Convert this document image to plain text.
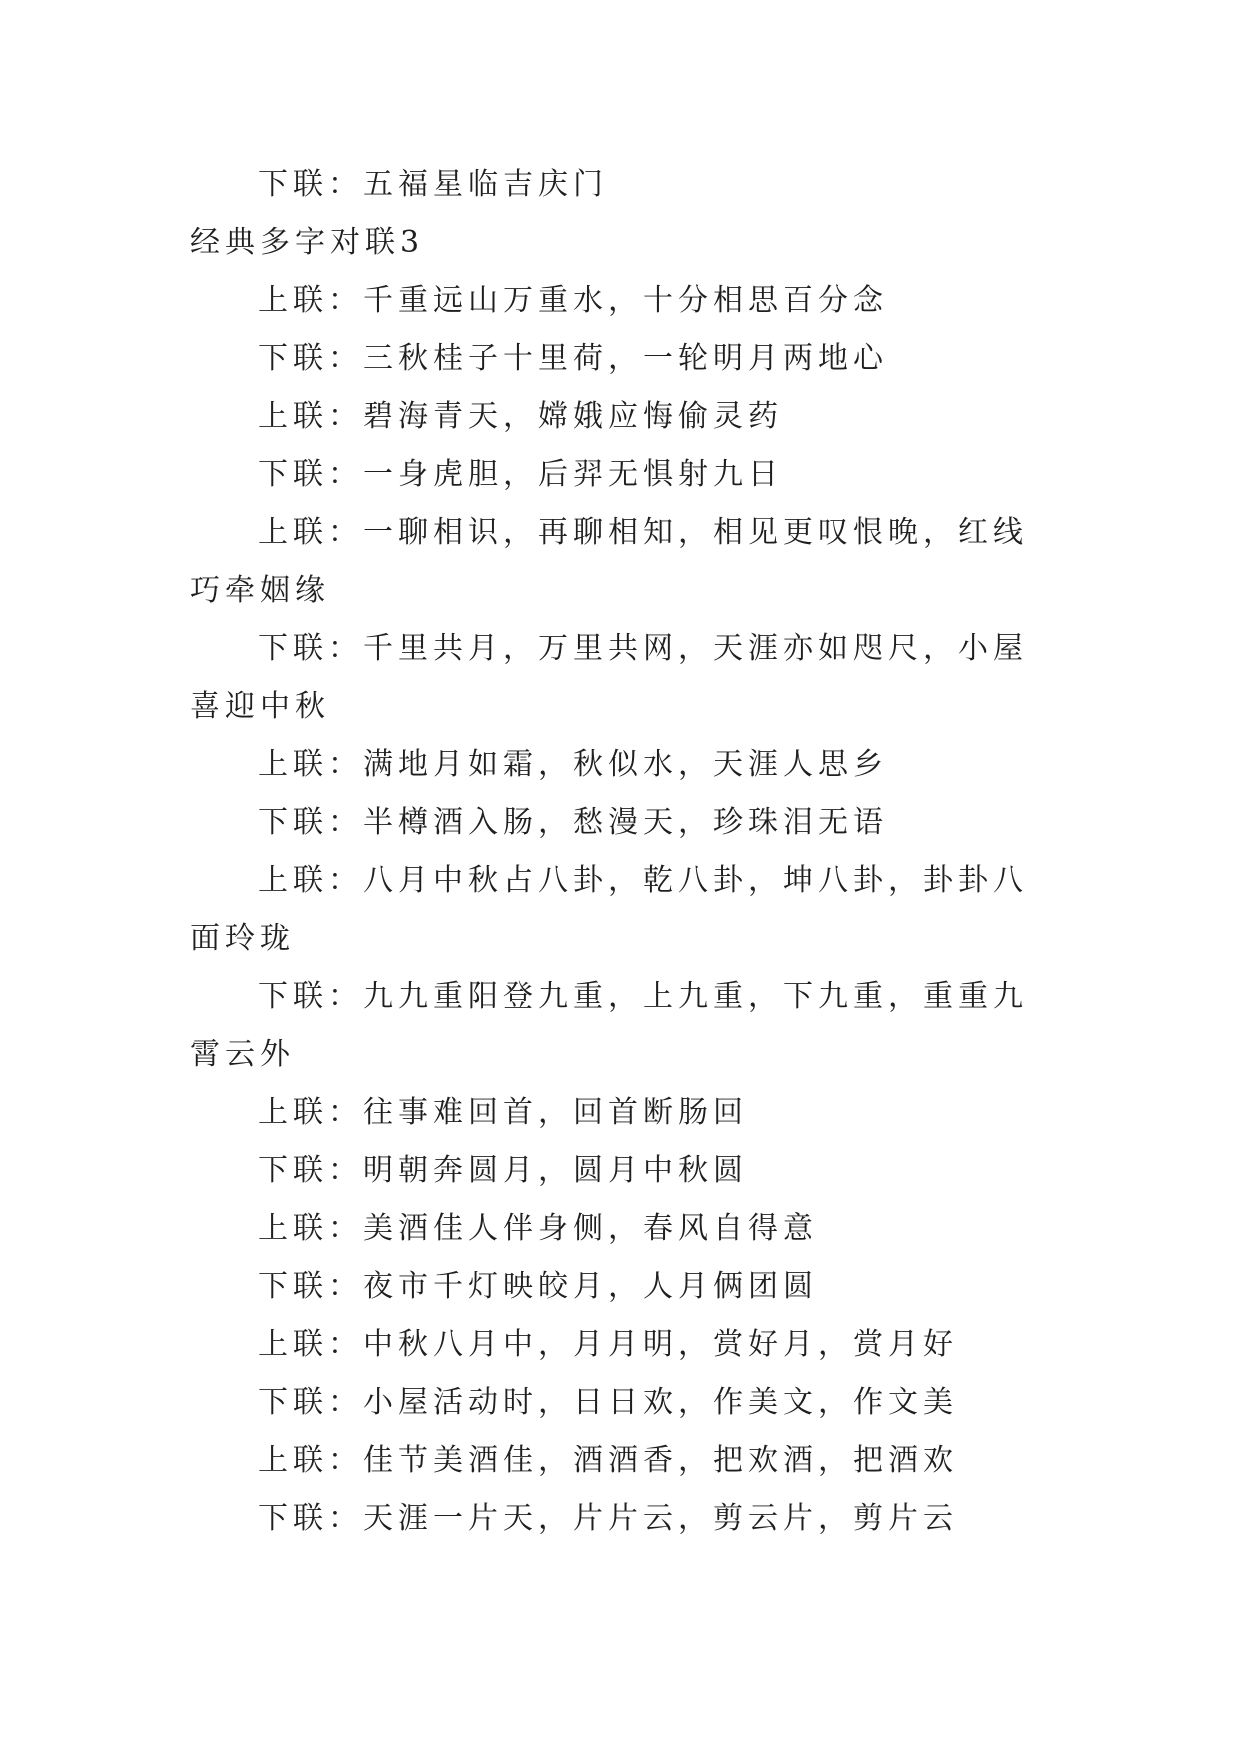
下联：五福星临吉庆门

经典多字对联3

上联：千重远山万重水，十分相思百分念

下联：三秋桂子十里荷，一轮明月两地心

上联：碧海青天，嫦娥应悔偷灵药

下联：一身虎胆，后羿无惧射九日

上联：一聊相识，再聊相知，相见更叹恨晚，红线巧牵姻缘

下联：千里共月，万里共网，天涯亦如咫尺，小屋喜迎中秋

上联：满地月如霜，秋似水，天涯人思乡

下联：半樽酒入肠，愁漫天，珍珠泪无语

上联：八月中秋占八卦，乾八卦，坤八卦，卦卦八面玲珑

下联：九九重阳登九重，上九重，下九重，重重九霄云外

上联：往事难回首，回首断肠回

下联：明朝奔圆月，圆月中秋圆

上联：美酒佳人伴身侧，春风自得意

下联：夜市千灯映皎月，人月俩团圆

上联：中秋八月中，月月明，赏好月，赏月好

下联：小屋活动时，日日欢，作美文，作文美

上联：佳节美酒佳，酒酒香，把欢酒，把酒欢

下联：天涯一片天，片片云，剪云片，剪片云
